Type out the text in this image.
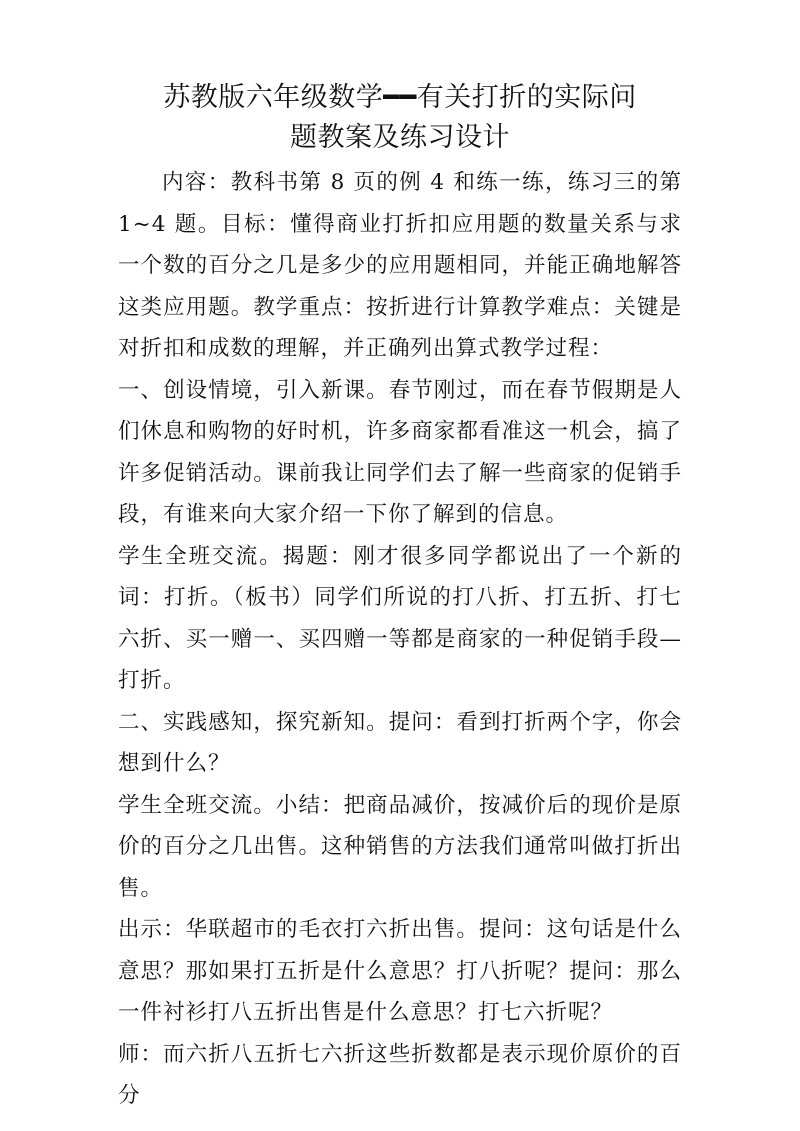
苏教版六年级数学━━有关打折的实际问
题教案及练习设计

内容：教科书第 8 页的例 4 和练一练，练习三的第 1~4 题。目标：懂得商业打折扣应用题的数量关系与求一个数的百分之几是多少的应用题相同，并能正确地解答这类应用题。教学重点：按折进行计算教学难点：关键是对折扣和成数的理解，并正确列出算式教学过程：

一、创设情境，引入新课。春节刚过，而在春节假期是人们休息和购物的好时机，许多商家都看准这一机会，搞了许多促销活动。课前我让同学们去了解一些商家的促销手段，有谁来向大家介绍一下你了解到的信息。

学生全班交流。揭题：刚才很多同学都说出了一个新的词：打折。（板书）同学们所说的打八折、打五折、打七六折、买一赠一、买四赠一等都是商家的一种促销手段—打折。

二、实践感知，探究新知。提问：看到打折两个字，你会想到什么？

学生全班交流。小结：把商品减价，按减价后的现价是原价的百分之几出售。这种销售的方法我们通常叫做打折出售。

出示：华联超市的毛衣打六折出售。提问：这句话是什么意思？那如果打五折是什么意思？打八折呢？提问：那么一件衬衫打八五折出售是什么意思？打七六折呢？

师：而六折八五折七六折这些折数都是表示现价原价的百分
